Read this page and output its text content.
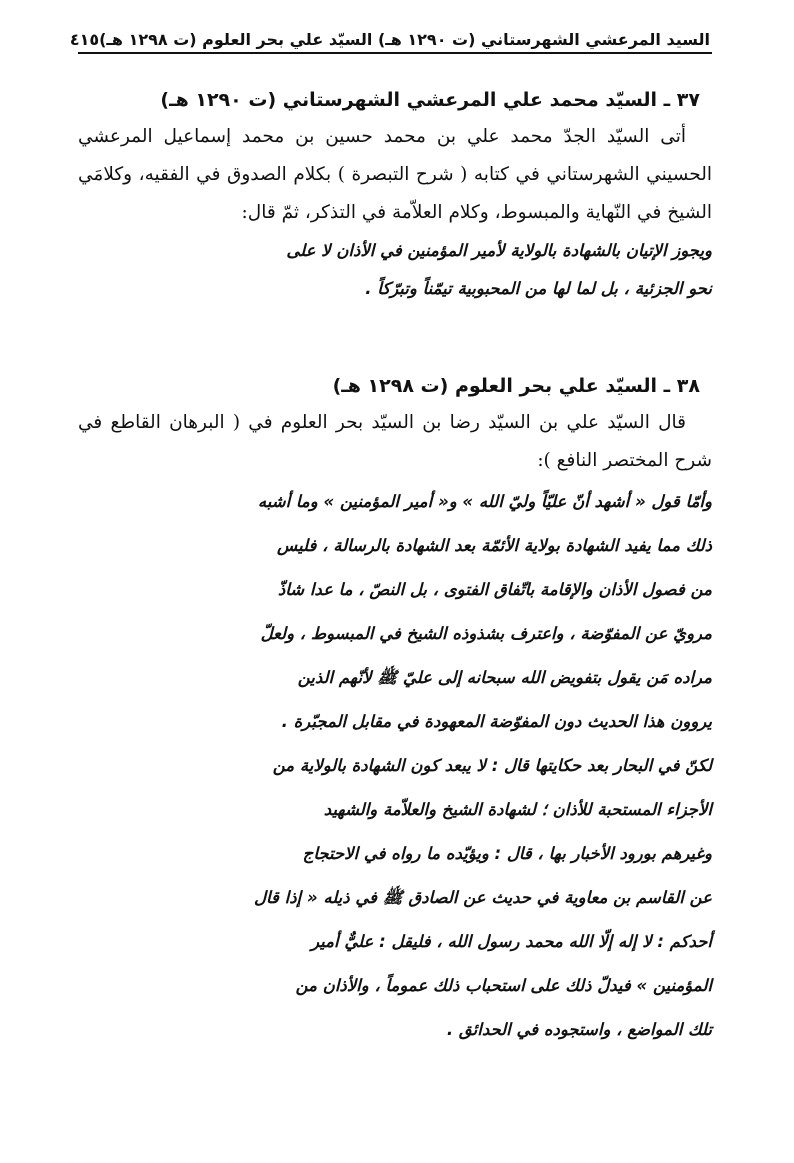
السيد المرعشي الشهرستاني (ت ١٢٩٠ هـ) السيّد علي بحر العلوم (ت ١٢٩٨ هـ)
٤١٥
٣٧ ـ السيّد محمد علي المرعشي الشهرستاني (ت ١٢٩٠ هـ)

أتى السيّد الجدّ محمد علي بن محمد حسين بن محمد إسماعيل المرعشي الحسيني الشهرستاني في كتابه ( شرح التبصرة ) بكلام الصدوق في الفقيه، وكلامَي الشيخ في النّهاية والمبسوط، وكلام العلاّمة في التذكر، ثمّ قال:

ويجوز الإتيان بالشهادة بالولاية لأمير المؤمنين في الأذان لا على
نحو الجزئية ، بل لما لها من المحبوبية تيمّناً وتبرّكاً .
٣٨ ـ السيّد علي بحر العلوم (ت ١٢٩٨ هـ)

قال السيّد علي بن السيّد رضا بن السيّد بحر العلوم في ( البرهان القاطع في شرح المختصر النافع ):

وأمّا قول « أشهد أنّ عليّاً وليّ الله » و« أمير المؤمنين » وما أشبه
ذلك مما يفيد الشهادة بولاية الأئمّة بعد الشهادة بالرسالة ، فليس
من فصول الأذان والإقامة باتّفاق الفتوى ، بل النصّ ، ما عدا شاذّ
مرويّ عن المفوّضة ، واعترف بشذوذه الشيخ في المبسوط ، ولعلّ
مراده مَن يقول بتفويض الله سبحانه إلى عليّ ﷺ لأنّهم الذين
يروون هذا الحديث دون المفوّضة المعهودة في مقابل المجبّرة .
لكنّ في البحار بعد حكايتها قال : لا يبعد كون الشهادة بالولاية من
الأجزاء المستحبة للأذان ؛ لشهادة الشيخ والعلاّمة والشهيد
وغيرهم بورود الأخبار بها ، قال : ويؤيّده ما رواه في الاحتجاج
عن القاسم بن معاوية في حديث عن الصادق ﷺ في ذيله « إذا قال
أحدكم : لا إله إلّا الله محمد رسول الله ، فليقل : عليٌّ أمير
المؤمنين » فيدلّ ذلك على استحباب ذلك عموماً ، والأذان من
تلك المواضع ، واستجوده في الحدائق .
